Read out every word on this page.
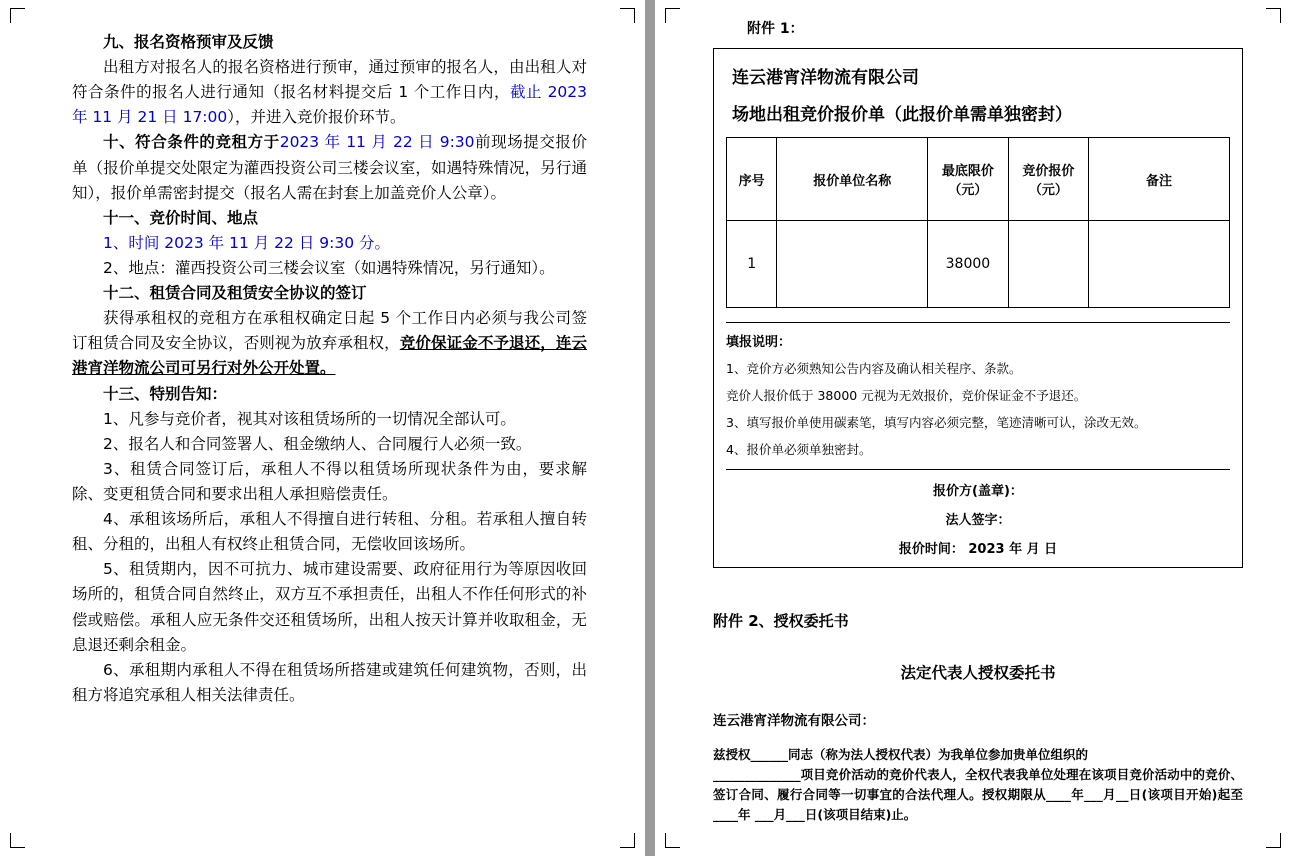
九、报名资格预审及反馈

出租方对报名人的报名资格进行预审，通过预审的报名人，由出租人对符合条件的报名人进行通知（报名材料提交后 1 个工作日内，截止 2023 年 11 月 21 日 17:00），并进入竞价报价环节。

十、符合条件的竞租方于2023 年 11 月 22 日 9:30前现场提交报价单（报价单提交处限定为灌西投资公司三楼会议室，如遇特殊情况，另行通知），报价单需密封提交（报名人需在封套上加盖竞价人公章）。

十一、竞价时间、地点

1、时间 2023 年 11 月 22 日 9:30 分。

2、地点：灌西投资公司三楼会议室（如遇特殊情况，另行通知）。

十二、租赁合同及租赁安全协议的签订

获得承租权的竞租方在承租权确定日起 5 个工作日内必须与我公司签订租赁合同及安全协议，否则视为放弃承租权，竞价保证金不予退还，连云港宵洋物流公司可另行对外公开处置。

十三、特别告知：

1、凡参与竞价者，视其对该租赁场所的一切情况全部认可。

2、报名人和合同签署人、租金缴纳人、合同履行人必须一致。

3、租赁合同签订后，承租人不得以租赁场所现状条件为由，要求解除、变更租赁合同和要求出租人承担赔偿责任。

4、承租该场所后，承租人不得擅自进行转租、分租。若承租人擅自转租、分租的，出租人有权终止租赁合同，无偿收回该场所。

5、租赁期内，因不可抗力、城市建设需要、政府征用行为等原因收回场所的，租赁合同自然终止，双方互不承担责任，出租人不作任何形式的补偿或赔偿。承租人应无条件交还租赁场所，出租人按天计算并收取租金，无息退还剩余租金。

6、承租期内承租人不得在租赁场所搭建或建筑任何建筑物，否则，出租方将追究承租人相关法律责任。

附件 1：
连云港宵洋物流有限公司
场地出租竞价报价单（此报价单需单独密封）
序号	报价单位名称	最底限价（元）	竞价报价（元）	备注
1		38000		
填报说明：

1、竞价方必须熟知公告内容及确认相关程序、条款。

竞价人报价低于 38000 元视为无效报价，竞价保证金不予退还。

3、填写报价单使用碳素笔，填写内容必须完整，笔迹清晰可认，涂改无效。

4、报价单必须单独密封。

报价方(盖章)：

法人签字：

报价时间： 2023 年 月 日

附件 2、授权委托书
法定代表人授权委托书
连云港宵洋物流有限公司：

兹授权______同志（称为法人授权代表）为我单位参加贵单位组织的

______________项目竞价活动的竞价代表人，全权代表我单位处理在该项目竞价活动中的竞价、签订合同、履行合同等一切事宜的合法代理人。授权期限从____年___月__日(该项目开始)起至____年 ___月___日(该项目结束)止。
